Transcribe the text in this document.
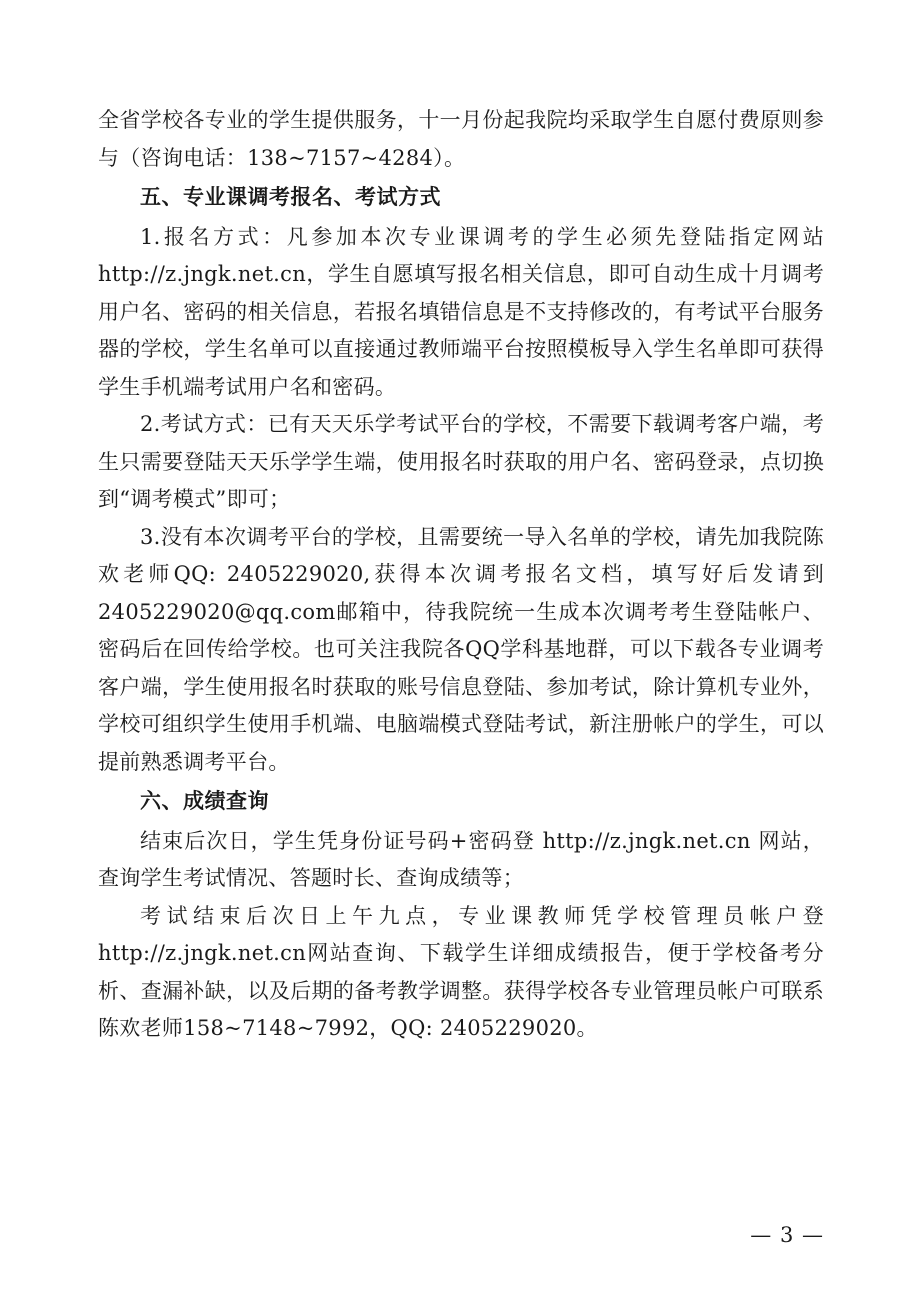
全省学校各专业的学生提供服务，十一月份起我院均采取学生自愿付费原则参与（咨询电话：138~7157~4284）。

五、专业课调考报名、考试方式

1.报名方式：凡参加本次专业课调考的学生必须先登陆指定网站http://z.jngk.net.cn，学生自愿填写报名相关信息，即可自动生成十月调考用户名、密码的相关信息，若报名填错信息是不支持修改的，有考试平台服务器的学校，学生名单可以直接通过教师端平台按照模板导入学生名单即可获得学生手机端考试用户名和密码。

2.考试方式：已有天天乐学考试平台的学校，不需要下载调考客户端，考生只需要登陆天天乐学学生端，使用报名时获取的用户名、密码登录，点切换到“调考模式”即可；

3.没有本次调考平台的学校，且需要统一导入名单的学校，请先加我院陈欢老师QQ: 2405229020,获得本次调考报名文档，填写好后发请到2405229020@qq.com邮箱中，待我院统一生成本次调考考生登陆帐户、密码后在回传给学校。也可关注我院各QQ学科基地群，可以下载各专业调考客户端，学生使用报名时获取的账号信息登陆、参加考试，除计算机专业外，学校可组织学生使用手机端、电脑端模式登陆考试，新注册帐户的学生，可以提前熟悉调考平台。

六、成绩查询

结束后次日，学生凭身份证号码+密码登 http://z.jngk.net.cn 网站，查询学生考试情况、答题时长、查询成绩等；

考试结束后次日上午九点，专业课教师凭学校管理员帐户登http://z.jngk.net.cn网站查询、下载学生详细成绩报告，便于学校备考分析、查漏补缺，以及后期的备考教学调整。获得学校各专业管理员帐户可联系陈欢老师158~7148~7992，QQ: 2405229020。

— 3 —
